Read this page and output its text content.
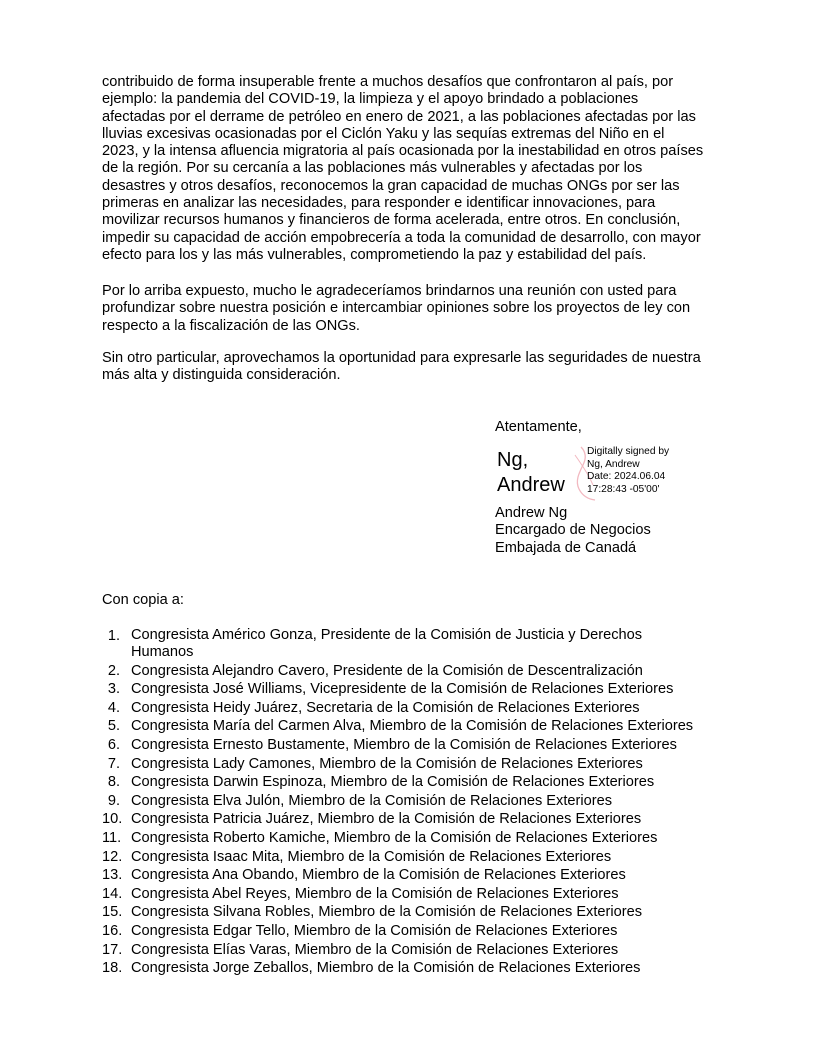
contribuido de forma insuperable frente a muchos desafíos que confrontaron al país, por
ejemplo: la pandemia del COVID-19, la limpieza y el apoyo brindado a poblaciones
afectadas por el derrame de petróleo en enero de 2021, a las poblaciones afectadas por las
lluvias excesivas ocasionadas por el Ciclón Yaku y las sequías extremas del Niño en el
2023, y la intensa afluencia migratoria al país ocasionada por la inestabilidad en otros países
de la región. Por su cercanía a las poblaciones más vulnerables y afectadas por los
desastres y otros desafíos, reconocemos la gran capacidad de muchas ONGs por ser las
primeras en analizar las necesidades, para responder e identificar innovaciones, para
movilizar recursos humanos y financieros de forma acelerada, entre otros. En conclusión,
impedir su capacidad de acción empobrecería a toda la comunidad de desarrollo, con mayor
efecto para los y las más vulnerables, comprometiendo la paz y estabilidad del país.

Por lo arriba expuesto, mucho le agradeceríamos brindarnos una reunión con usted para
profundizar sobre nuestra posición e intercambiar opiniones sobre los proyectos de ley con
respecto a la fiscalización de las ONGs.

Sin otro particular, aprovechamos la oportunidad para expresarle las seguridades de nuestra
más alta y distinguida consideración.

Atentamente,
Ng,
Andrew
Digitally signed by
Ng, Andrew
Date: 2024.06.04
17:28:43 -05'00'
Andrew Ng
Encargado de Negocios
Embajada de Canadá
Con copia a:
1. Congresista Américo Gonza, Presidente de la Comisión de Justicia y Derechos
Humanos
2. Congresista Alejandro Cavero, Presidente de la Comisión de Descentralización
3. Congresista José Williams, Vicepresidente de la Comisión de Relaciones Exteriores
4. Congresista Heidy Juárez, Secretaria de la Comisión de Relaciones Exteriores
5. Congresista María del Carmen Alva, Miembro de la Comisión de Relaciones Exteriores
6. Congresista Ernesto Bustamente, Miembro de la Comisión de Relaciones Exteriores
7. Congresista Lady Camones, Miembro de la Comisión de Relaciones Exteriores
8. Congresista Darwin Espinoza, Miembro de la Comisión de Relaciones Exteriores
9. Congresista Elva Julón, Miembro de la Comisión de Relaciones Exteriores
10. Congresista Patricia Juárez, Miembro de la Comisión de Relaciones Exteriores
11. Congresista Roberto Kamiche, Miembro de la Comisión de Relaciones Exteriores
12. Congresista Isaac Mita, Miembro de la Comisión de Relaciones Exteriores
13. Congresista Ana Obando, Miembro de la Comisión de Relaciones Exteriores
14. Congresista Abel Reyes, Miembro de la Comisión de Relaciones Exteriores
15. Congresista Silvana Robles, Miembro de la Comisión de Relaciones Exteriores
16. Congresista Edgar Tello, Miembro de la Comisión de Relaciones Exteriores
17. Congresista Elías Varas, Miembro de la Comisión de Relaciones Exteriores
18. Congresista Jorge Zeballos, Miembro de la Comisión de Relaciones Exteriores
